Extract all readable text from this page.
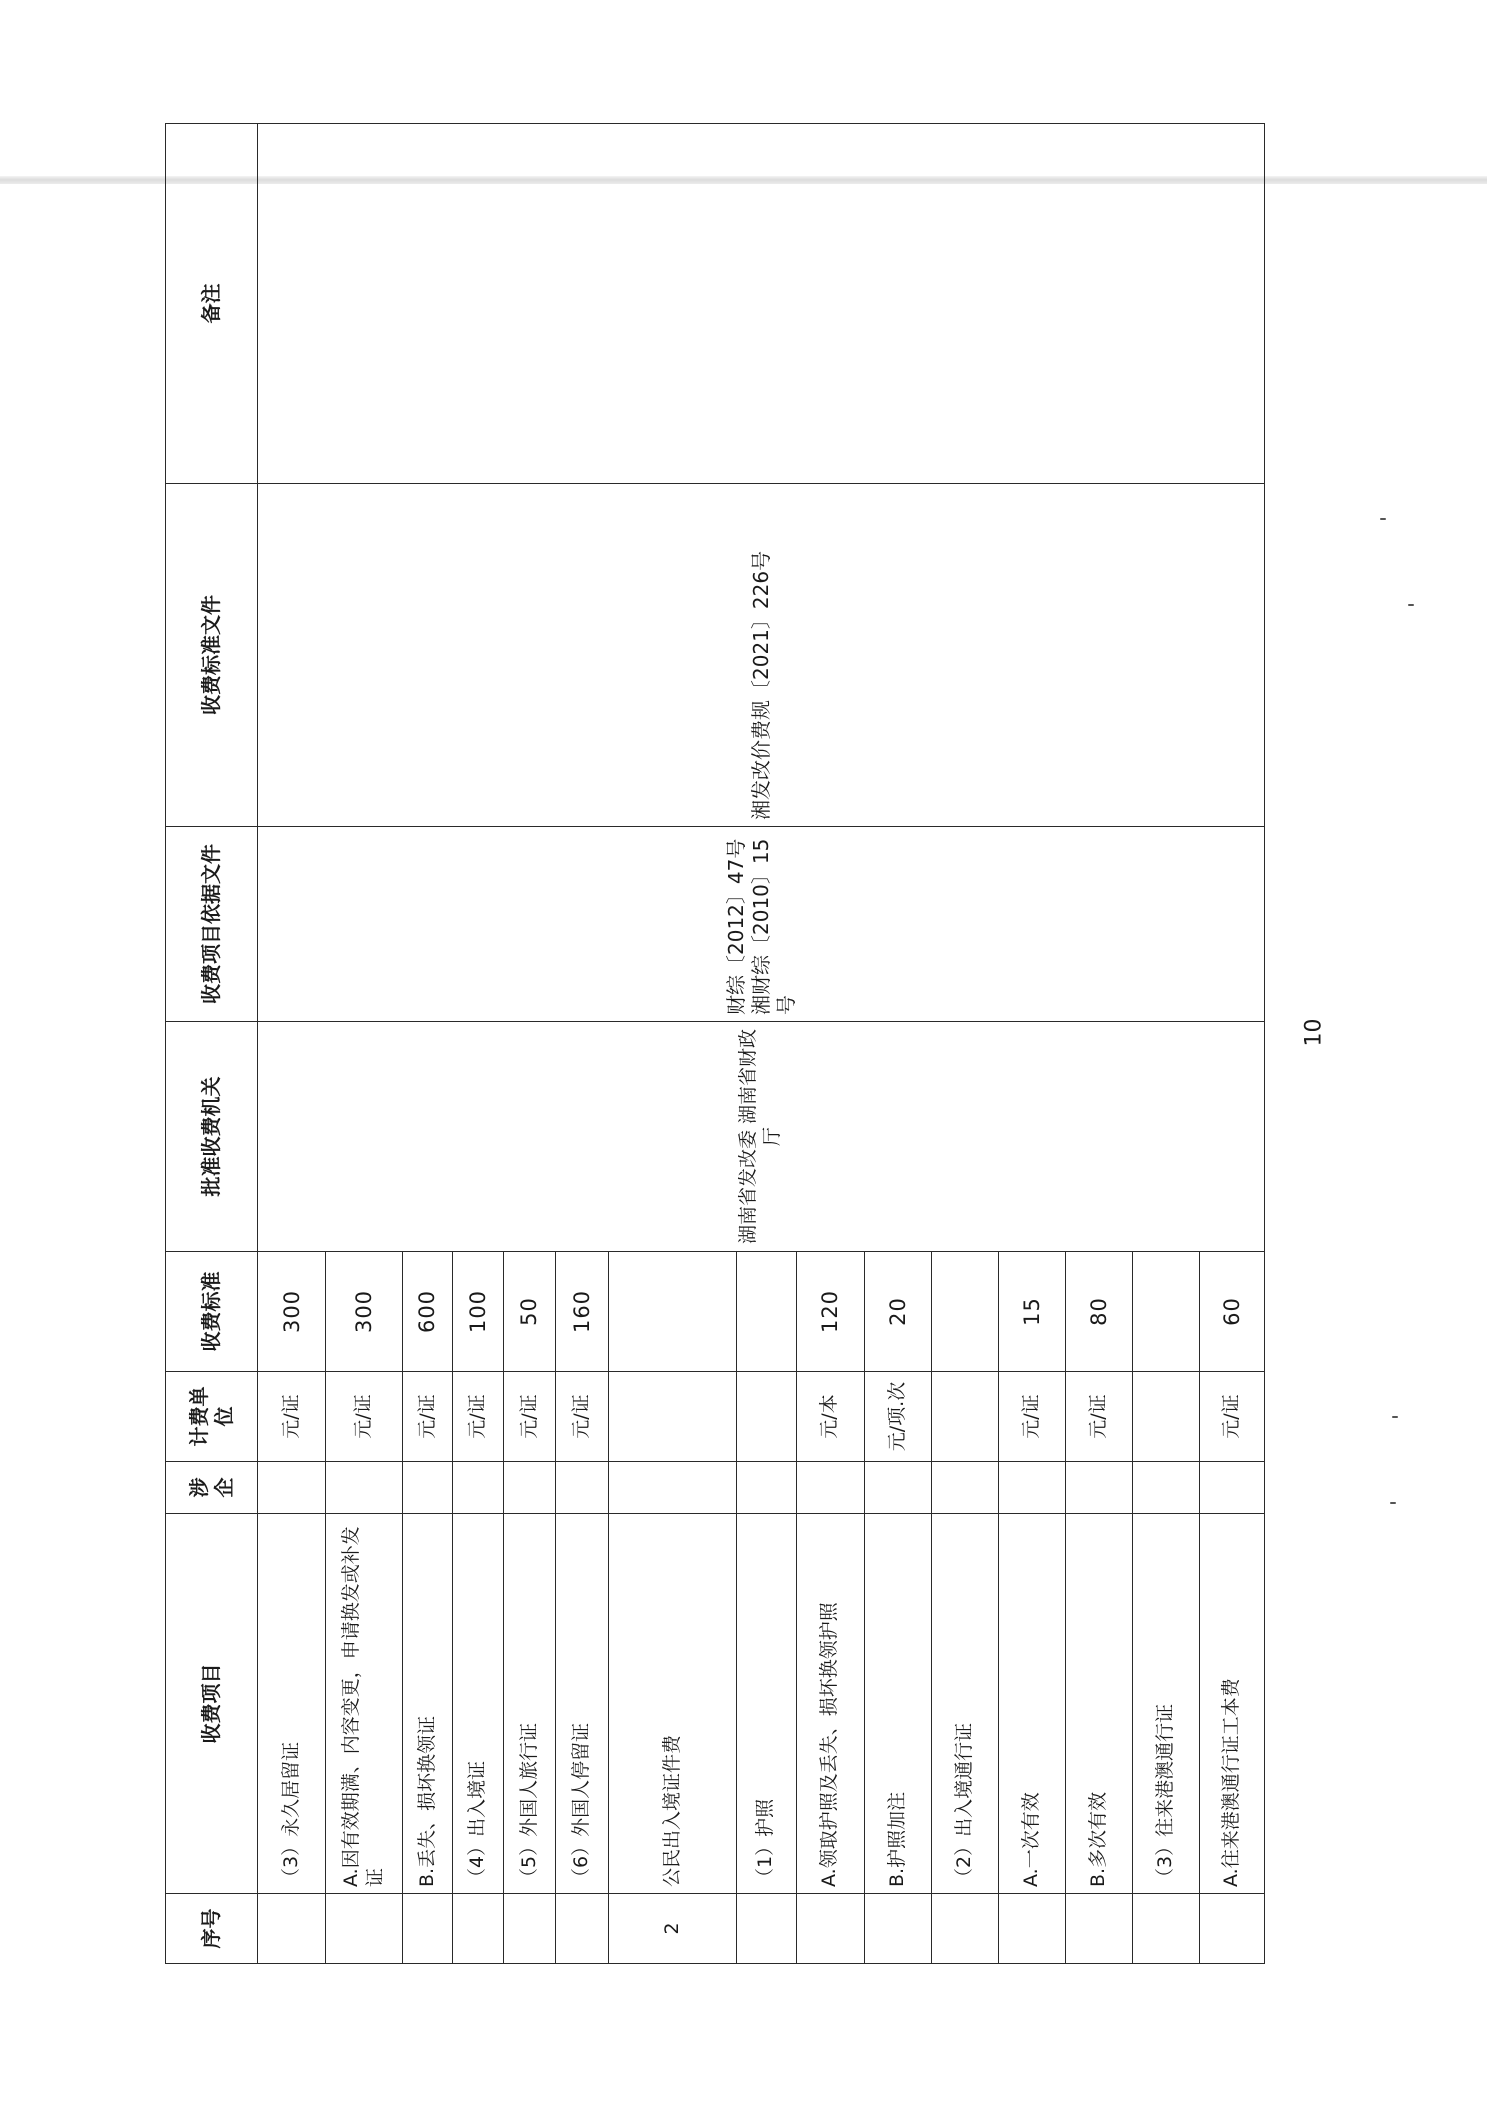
序号	收费项目	涉企	计费单位	收费标准	批准收费机关	收费项目依据文件	收费标准文件	备注
	（3）永久居留证		元/证	300	湖南省发改委 湖南省财政厅	财综〔2012〕47号 湘财综〔2010〕15号	湘发改价费规〔2021〕226号	
	A.因有效期满、内容变更，申请换发或补发证		元/证	300				
	B.丢失、损坏换领证		元/证	600				
	（4）出入境证		元/证	100				
	（5）外国人旅行证		元/证	50				
	（6）外国人停留证		元/证	160				
2	公民出入境证件费							
	（1）护照							
	A.领取护照及丢失、损坏换领护照		元/本	120				
	B.护照加注		元/项.次	20				
	（2）出入境通行证							
	A.一次有效		元/证	15				
	B.多次有效		元/证	80				
	（3）往来港澳通行证							
	A.往来港澳通行证工本费		元/证	60				
10
